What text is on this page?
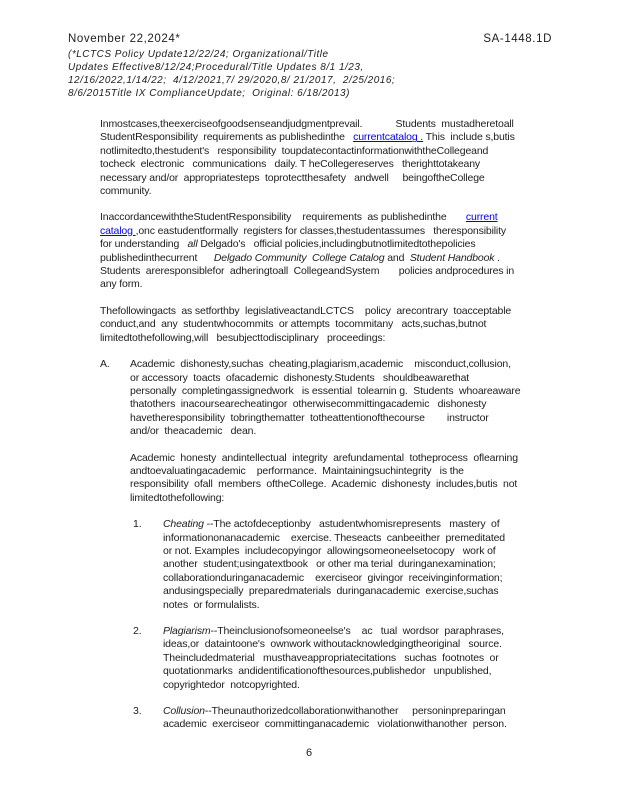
November 22,2024*	SA-1448.1D
(*LCTCS Policy Update12/22/24; Organizational/Title
Updates Effective8/12/24;Procedural/Title Updates 8/1 1/23,
12/16/2022,1/14/22;  4/12/2021,7/ 29/2020,8/ 21/2017,  2/25/2016;
8/6/2015Title IX ComplianceUpdate;  Original: 6/18/2013)
Inmostcases,theexerciseofgoodsenseandjudgmentprevail.            Students  mustadheretoall
StudentResponsibility  requirements as publishedinthe   currentcatalog . This  include s,butis
notlimitedto,thestudent's   responsibility  toupdatecontactinformationwiththeCollegeand
tocheck  electronic   communications   daily. T heCollegereserves   therighttotakeany
necessary and/or  appropriatesteps  toprotectthesafety   andwell     beingoftheCollege
community.
InaccordancewiththeStudentResponsibility    requirements  as publishedinthe       current
catalog ,onc eastudentformally  registers for classes,thestudentassumes   theresponsibility
for understanding   all Delgado's   official policies,includingbutnotlimitedtothepolicies
publishedinthecurrent      Delgado Community  College Catalog and  Student Handbook .
Students  areresponsiblefor  adheringtoall  CollegeandSystem       policies andprocedures in
any form.
Thefollowingacts  as setforthby  legislativeactandLCTCS    policy  arecontrary  toacceptable
conduct,and  any  studentwhocommits  or attempts  tocommitany   acts,suchas,butnot
limitedtothefollowing,will   besubjecttodisciplinary   proceedings:
A.	Academic  dishonesty,suchas  cheating,plagiarism,academic    misconduct,collusion,
or accessory  toacts  ofacademic  dishonesty.Students   shouldbeawarethat
personally  completingassignedwork   is essential  tolearnin g.  Students  whoareaware
thatothers  inacoursearecheatingor  otherwisecommittingacademic   dishonesty
havetheresponsibility  tobringthematter  totheattentionofthecourse        instructor
and/or  theacademic   dean.
Academic  honesty  andintellectual  integrity  arefundamental  totheprocess  oflearning
andtoevaluatingacademic    performance.  Maintainingsuchintegrity   is the
responsibility  ofall  members  oftheCollege.  Academic  dishonesty  includes,butis  not
limitedtothefollowing:
1.	Cheating --The actofdeceptionby   astudentwhomisrepresents   mastery  of
informationonanacademic    exercise. Theseacts  canbeeither  premeditated
or not. Examples  includecopyingor  allowingsomeoneelsetocopy   work of
another  student;usingatextbook   or other ma terial  duringanexamination;
collaborationduringanacademic    exerciseor  givingor  receivinginformation;
andusingspecially  preparedmaterials  duringanacademic  exercise,suchas
notes  or formulalists.
2.	Plagiarism--Theinclusionofsomeoneelse's    ac   tual  wordsor  paraphrases,
ideas,or  dataintoone's  ownwork withoutacknowledgingtheoriginal   source.
Theincludedmaterial   musthaveappropriatecitations   suchas  footnotes  or
quotationmarks  andidentificationofthesources,publishedor   unpublished,
copyrightedor  notcopyrighted.
3.	Collusion--Theunauthorizedcollaborationwithanother     personinpreparingan
academic  exerciseor  committinganacademic   violationwithanother  person.
6
